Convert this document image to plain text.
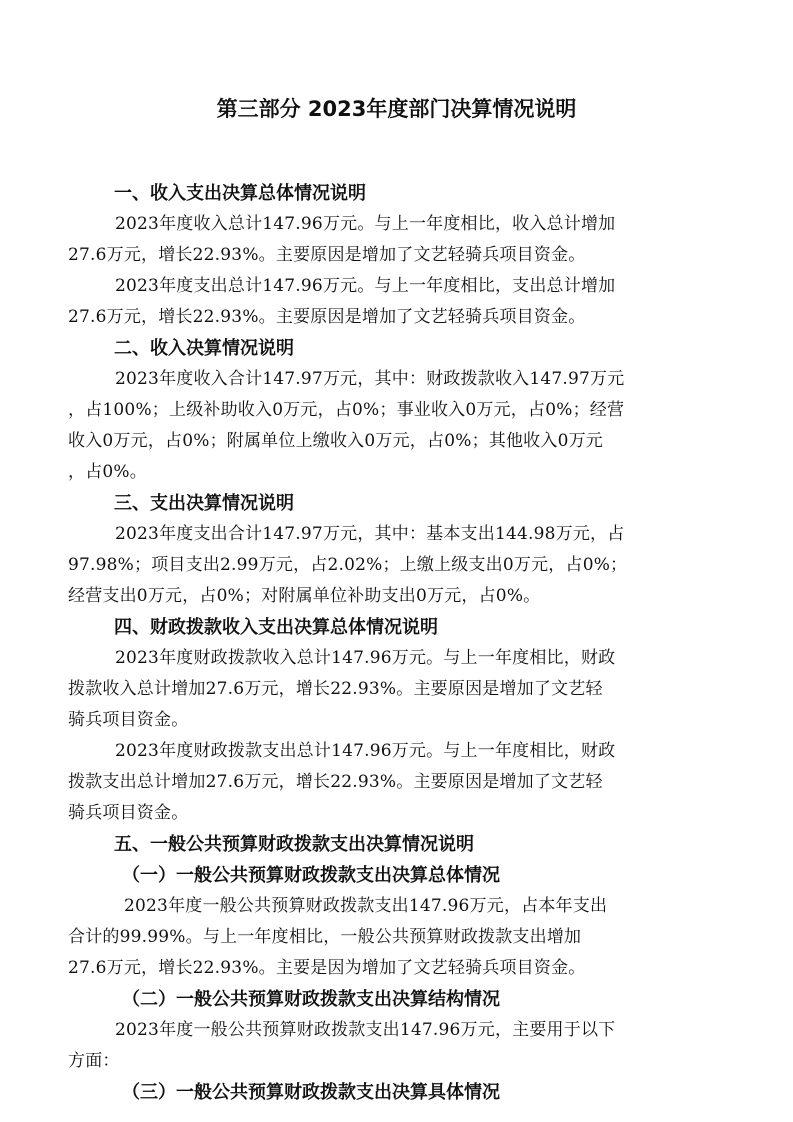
第三部分 2023年度部门决算情况说明
一、收入支出决算总体情况说明
2023年度收入总计147.96万元。与上一年度相比，收入总计增加
27.6万元，增长22.93%。主要原因是增加了文艺轻骑兵项目资金。
2023年度支出总计147.96万元。与上一年度相比，支出总计增加
27.6万元，增长22.93%。主要原因是增加了文艺轻骑兵项目资金。
二、收入决算情况说明
2023年度收入合计147.97万元，其中：财政拨款收入147.97万元
，占100%；上级补助收入0万元，占0%；事业收入0万元，占0%；经营
收入0万元，占0%；附属单位上缴收入0万元，占0%；其他收入0万元
，占0%。
三、支出决算情况说明
2023年度支出合计147.97万元，其中：基本支出144.98万元，占
97.98%；项目支出2.99万元，占2.02%；上缴上级支出0万元，占0%；
经营支出0万元，占0%；对附属单位补助支出0万元，占0%。
四、财政拨款收入支出决算总体情况说明
2023年度财政拨款收入总计147.96万元。与上一年度相比，财政
拨款收入总计增加27.6万元，增长22.93%。主要原因是增加了文艺轻
骑兵项目资金。
2023年度财政拨款支出总计147.96万元。与上一年度相比，财政
拨款支出总计增加27.6万元，增长22.93%。主要原因是增加了文艺轻
骑兵项目资金。
五、一般公共预算财政拨款支出决算情况说明
（一）一般公共预算财政拨款支出决算总体情况
2023年度一般公共预算财政拨款支出147.96万元，占本年支出
合计的99.99%。与上一年度相比，一般公共预算财政拨款支出增加
27.6万元，增长22.93%。主要是因为增加了文艺轻骑兵项目资金。
（二）一般公共预算财政拨款支出决算结构情况
2023年度一般公共预算财政拨款支出147.96万元，主要用于以下
方面：
（三）一般公共预算财政拨款支出决算具体情况
